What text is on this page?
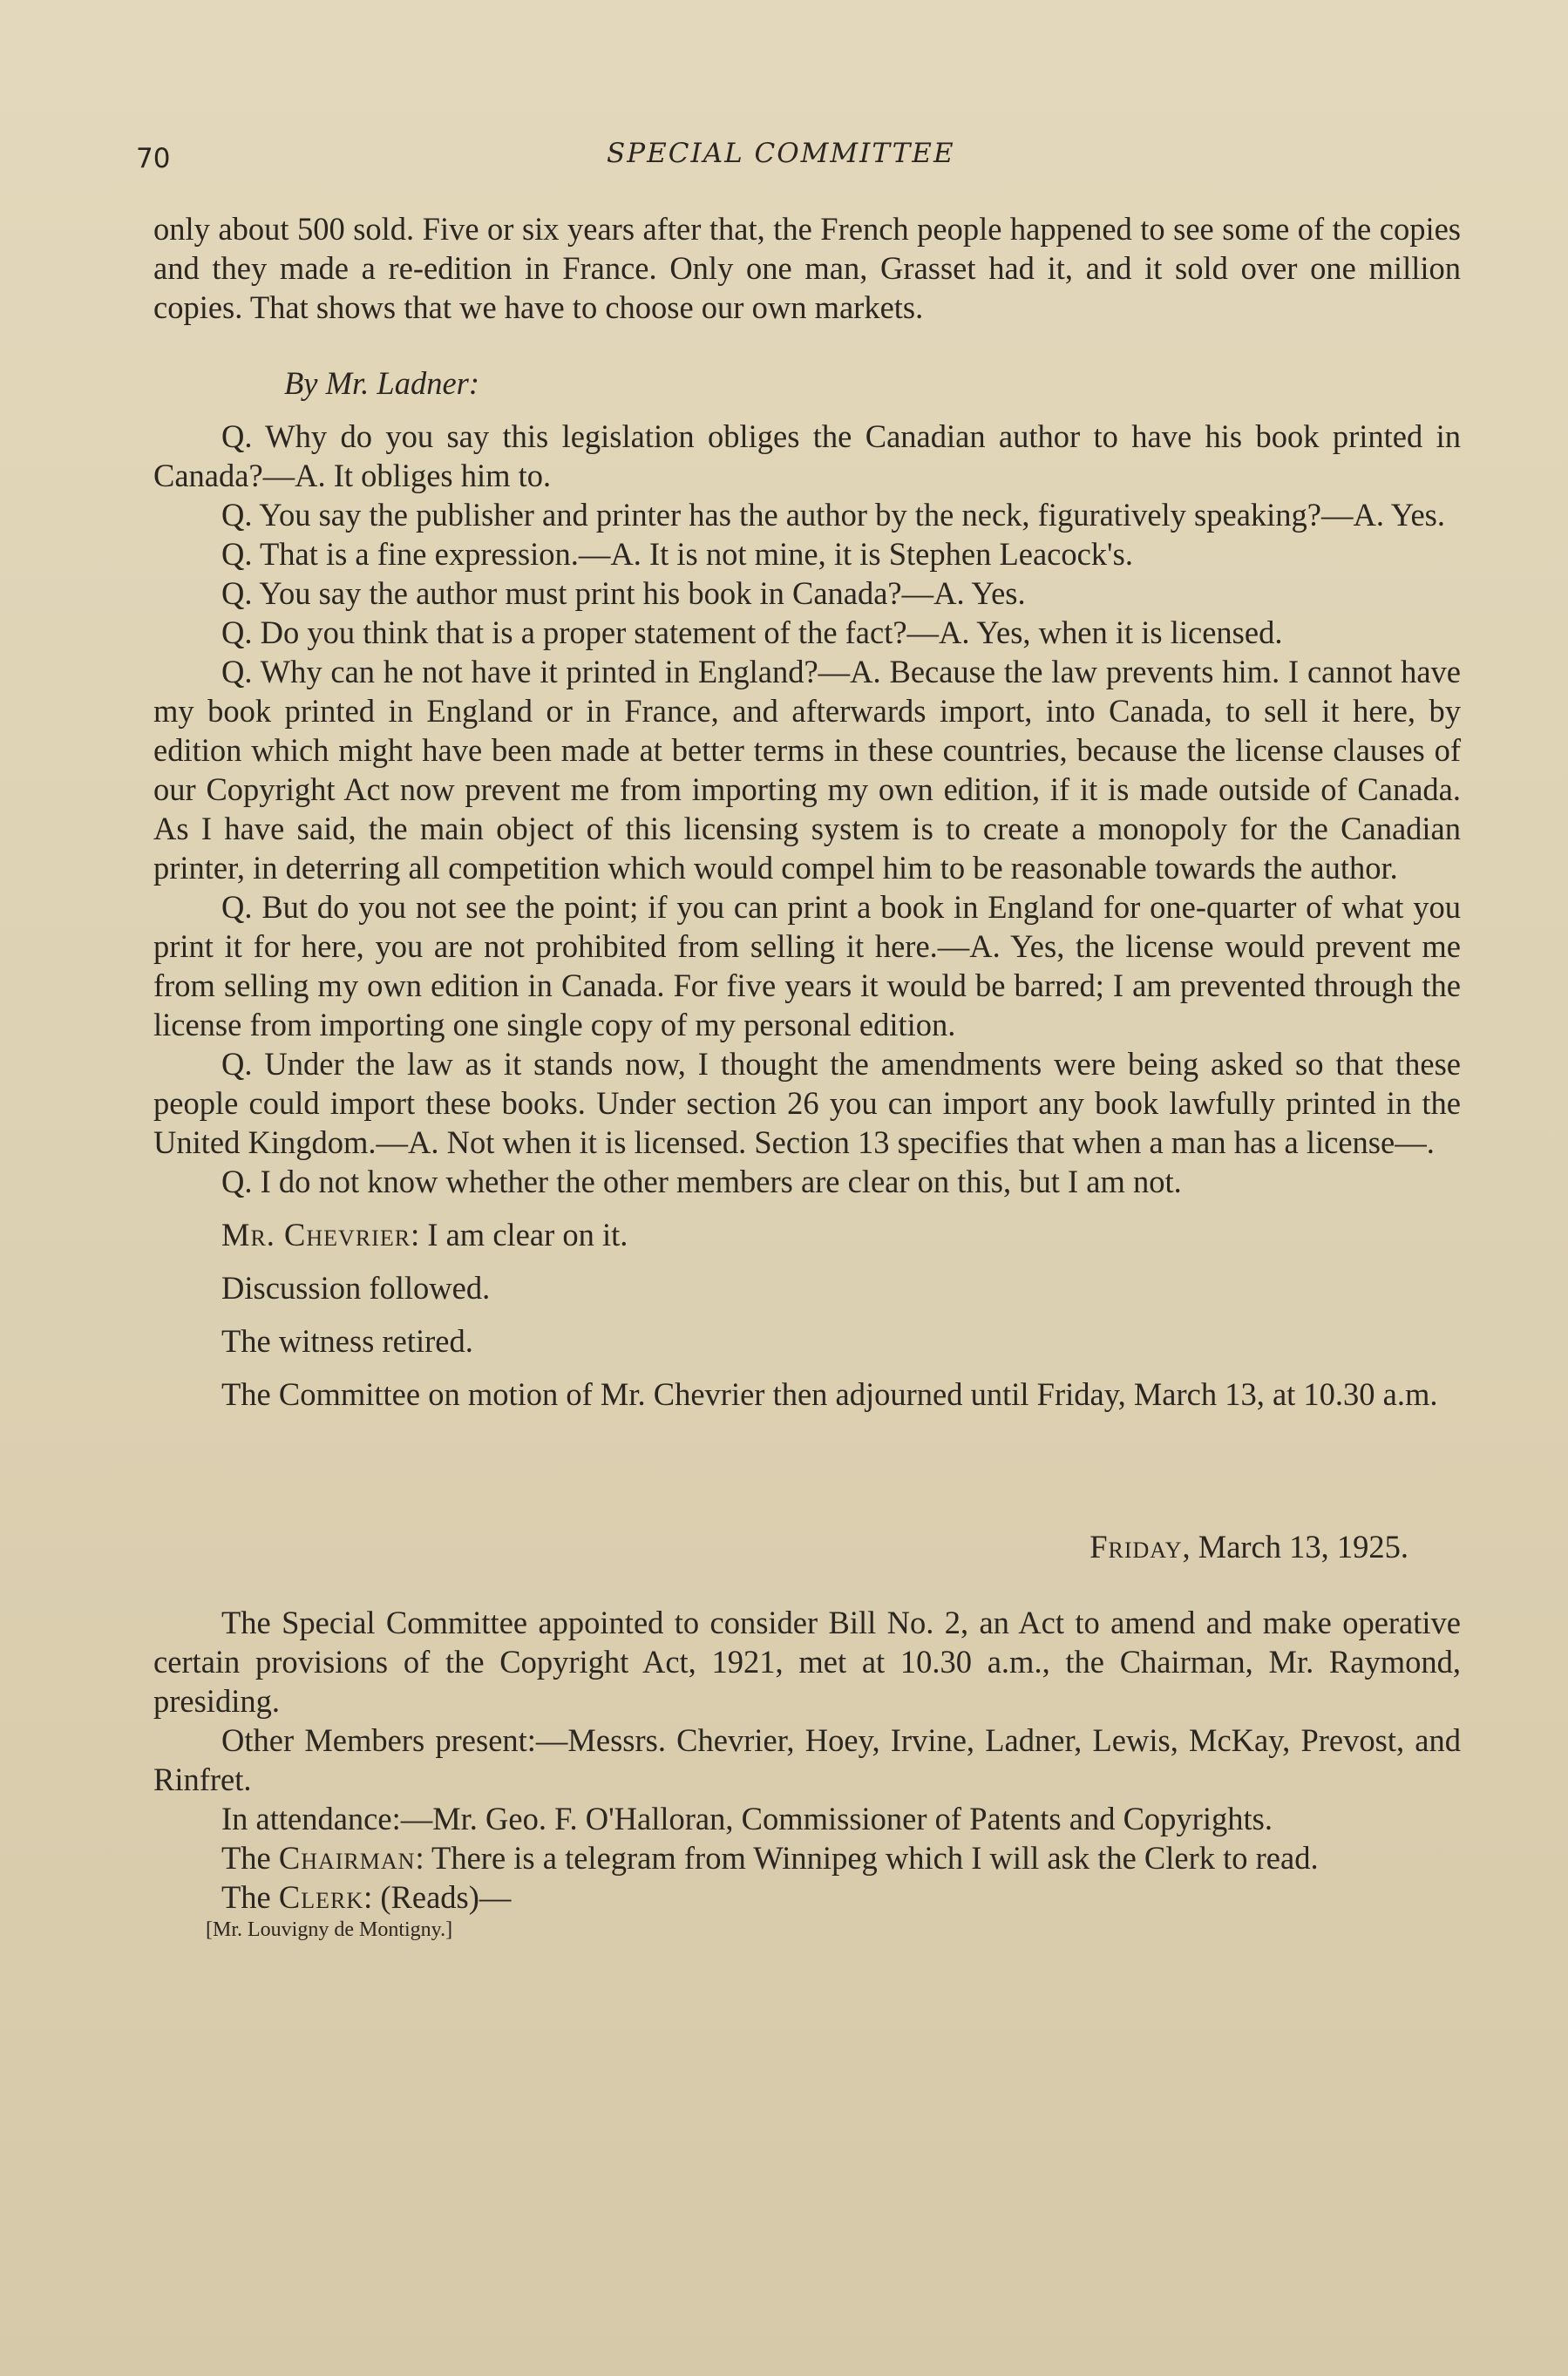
70	SPECIAL COMMITTEE

only about 500 sold. Five or six years after that, the French people happened to see some of the copies and they made a re-edition in France. Only one man, Grasset had it, and it sold over one million copies. That shows that we have to choose our own markets.

By Mr. Ladner:

Q. Why do you say this legislation obliges the Canadian author to have his book printed in Canada?—A. It obliges him to.

Q. You say the publisher and printer has the author by the neck, figuratively speaking?—A. Yes.

Q. That is a fine expression.—A. It is not mine, it is Stephen Leacock's.

Q. You say the author must print his book in Canada?—A. Yes.

Q. Do you think that is a proper statement of the fact?—A. Yes, when it is licensed.

Q. Why can he not have it printed in England?—A. Because the law prevents him. I cannot have my book printed in England or in France, and afterwards import, into Canada, to sell it here, by edition which might have been made at better terms in these countries, because the license clauses of our Copyright Act now prevent me from importing my own edition, if it is made outside of Canada. As I have said, the main object of this licensing system is to create a monopoly for the Canadian printer, in deterring all competition which would compel him to be reasonable towards the author.

Q. But do you not see the point; if you can print a book in England for one-quarter of what you print it for here, you are not prohibited from selling it here.—A. Yes, the license would prevent me from selling my own edition in Canada. For five years it would be barred; I am prevented through the license from importing one single copy of my personal edition.

Q. Under the law as it stands now, I thought the amendments were being asked so that these people could import these books. Under section 26 you can import any book lawfully printed in the United Kingdom.—A. Not when it is licensed. Section 13 specifies that when a man has a license—.

Q. I do not know whether the other members are clear on this, but I am not.

Mr. Chevrier: I am clear on it.

Discussion followed.

The witness retired.

The Committee on motion of Mr. Chevrier then adjourned until Friday, March 13, at 10.30 a.m.

Friday, March 13, 1925.

The Special Committee appointed to consider Bill No. 2, an Act to amend and make operative certain provisions of the Copyright Act, 1921, met at 10.30 a.m., the Chairman, Mr. Raymond, presiding.

Other Members present:—Messrs. Chevrier, Hoey, Irvine, Ladner, Lewis, McKay, Prevost, and Rinfret.

In attendance:—Mr. Geo. F. O'Halloran, Commissioner of Patents and Copyrights.

The Chairman: There is a telegram from Winnipeg which I will ask the Clerk to read.

The Clerk: (Reads)—

[Mr. Louvigny de Montigny.]
